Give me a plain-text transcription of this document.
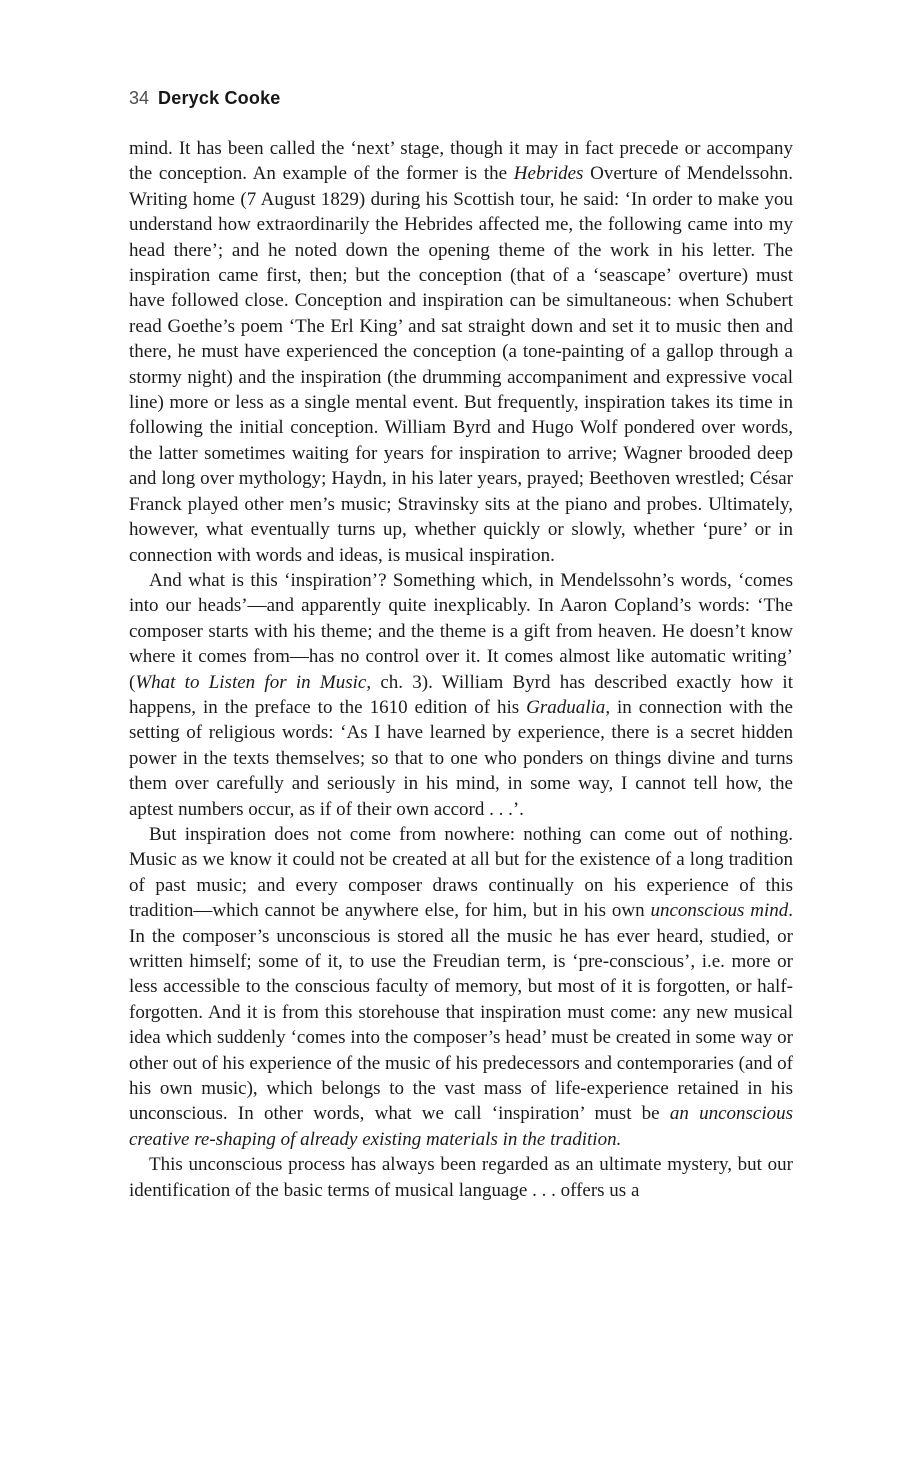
34 Deryck Cooke

mind. It has been called the ‘next’ stage, though it may in fact precede or accompany the conception. An example of the former is the Hebrides Overture of Mendelssohn. Writing home (7 August 1829) during his Scottish tour, he said: ‘In order to make you understand how extraordinarily the Hebrides affected me, the following came into my head there’; and he noted down the opening theme of the work in his letter. The inspiration came first, then; but the conception (that of a ‘seascape’ overture) must have followed close. Conception and inspiration can be simultaneous: when Schubert read Goethe’s poem ‘The Erl King’ and sat straight down and set it to music then and there, he must have experienced the conception (a tone-painting of a gallop through a stormy night) and the inspiration (the drumming accompaniment and expressive vocal line) more or less as a single mental event. But frequently, inspiration takes its time in following the initial conception. William Byrd and Hugo Wolf pondered over words, the latter sometimes waiting for years for inspiration to arrive; Wagner brooded deep and long over mythology; Haydn, in his later years, prayed; Beethoven wrestled; César Franck played other men’s music; Stravinsky sits at the piano and probes. Ultimately, however, what eventually turns up, whether quickly or slowly, whether ‘pure’ or in connection with words and ideas, is musical inspiration.

And what is this ‘inspiration’? Something which, in Mendelssohn’s words, ‘comes into our heads’—and apparently quite inexplicably. In Aaron Copland’s words: ‘The composer starts with his theme; and the theme is a gift from heaven. He doesn’t know where it comes from—has no control over it. It comes almost like automatic writing’ (What to Listen for in Music, ch. 3). William Byrd has described exactly how it happens, in the preface to the 1610 edition of his Gradualia, in connection with the setting of religious words: ‘As I have learned by experience, there is a secret hidden power in the texts themselves; so that to one who ponders on things divine and turns them over carefully and seriously in his mind, in some way, I cannot tell how, the aptest numbers occur, as if of their own accord . . .’.

But inspiration does not come from nowhere: nothing can come out of nothing. Music as we know it could not be created at all but for the existence of a long tradition of past music; and every composer draws continually on his experience of this tradition—which cannot be anywhere else, for him, but in his own unconscious mind. In the composer’s unconscious is stored all the music he has ever heard, studied, or written himself; some of it, to use the Freudian term, is ‘pre-conscious’, i.e. more or less accessible to the conscious faculty of memory, but most of it is forgotten, or half-forgotten. And it is from this storehouse that inspiration must come: any new musical idea which suddenly ‘comes into the composer’s head’ must be created in some way or other out of his experience of the music of his predecessors and contemporaries (and of his own music), which belongs to the vast mass of life-experience retained in his unconscious. In other words, what we call ‘inspiration’ must be an unconscious creative re-shaping of already existing materials in the tradition.

This unconscious process has always been regarded as an ultimate mystery, but our identification of the basic terms of musical language . . . offers us a
